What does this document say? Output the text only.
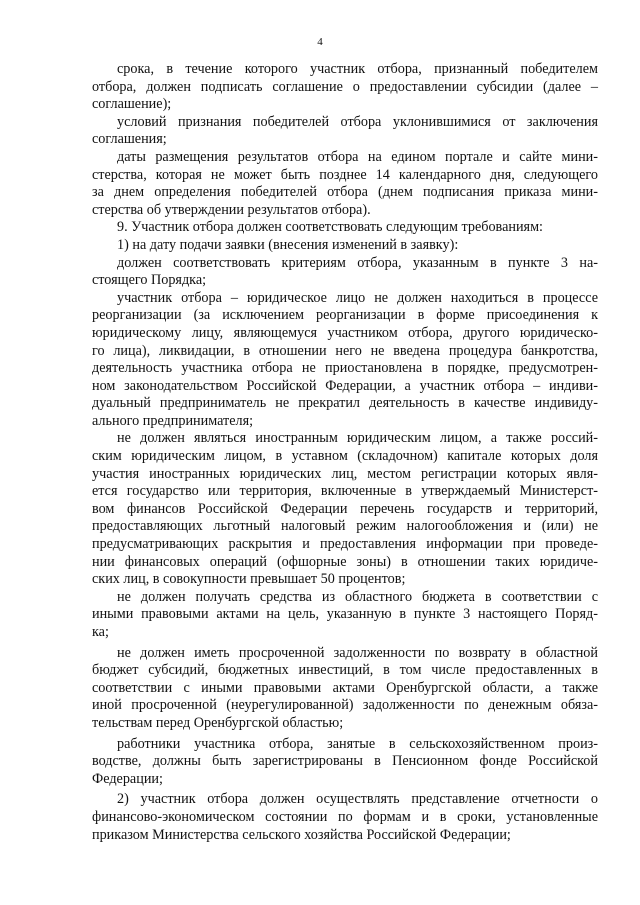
4

срока, в течение которого участник отбора, признанный победителем
отбора, должен подписать соглашение о предоставлении субсидии (далее –
соглашение);

условий признания победителей отбора уклонившимися от заключения
соглашения;

даты размещения результатов отбора на едином портале и сайте мини-
стерства, которая не может быть позднее 14 календарного дня, следующего
за днем определения победителей отбора (днем подписания приказа мини-
стерства об утверждении результатов отбора).

9. Участник отбора должен соответствовать следующим требованиям:

1) на дату подачи заявки (внесения изменений в заявку):

должен соответствовать критериям отбора, указанным в пункте 3 на-
стоящего Порядка;

участник отбора – юридическое лицо не должен находиться в процессе
реорганизации (за исключением реорганизации в форме присоединения к
юридическому лицу, являющемуся участником отбора, другого юридическо-
го лица), ликвидации, в отношении него не введена процедура банкротства,
деятельность участника отбора не приостановлена в порядке, предусмотрен-
ном законодательством Российской Федерации, а участник отбора – индиви-
дуальный предприниматель не прекратил деятельность в качестве индивиду-
ального предпринимателя;

не должен являться иностранным юридическим лицом, а также россий-
ским юридическим лицом, в уставном (складочном) капитале которых доля
участия иностранных юридических лиц, местом регистрации которых явля-
ется государство или территория, включенные в утверждаемый Министерст-
вом финансов Российской Федерации перечень государств и территорий,
предоставляющих льготный налоговый режим налогообложения и (или) не
предусматривающих раскрытия и предоставления информации при проведе-
нии финансовых операций (офшорные зоны) в отношении таких юридиче-
ских лиц, в совокупности превышает 50 процентов;

не должен получать средства из областного бюджета в соответствии с
иными правовыми актами на цель, указанную в пункте 3 настоящего Поряд-
ка;

не должен иметь просроченной задолженности по возврату в областной
бюджет субсидий, бюджетных инвестиций, в том числе предоставленных в
соответствии с иными правовыми актами Оренбургской области, а также
иной просроченной (неурегулированной) задолженности по денежным обяза-
тельствам перед Оренбургской областью;

работники участника отбора, занятые в сельскохозяйственном произ-
водстве, должны быть зарегистрированы в Пенсионном фонде Российской
Федерации;

2) участник отбора должен осуществлять представление отчетности о
финансово-экономическом состоянии по формам и в сроки, установленные
приказом Министерства сельского хозяйства Российской Федерации;
